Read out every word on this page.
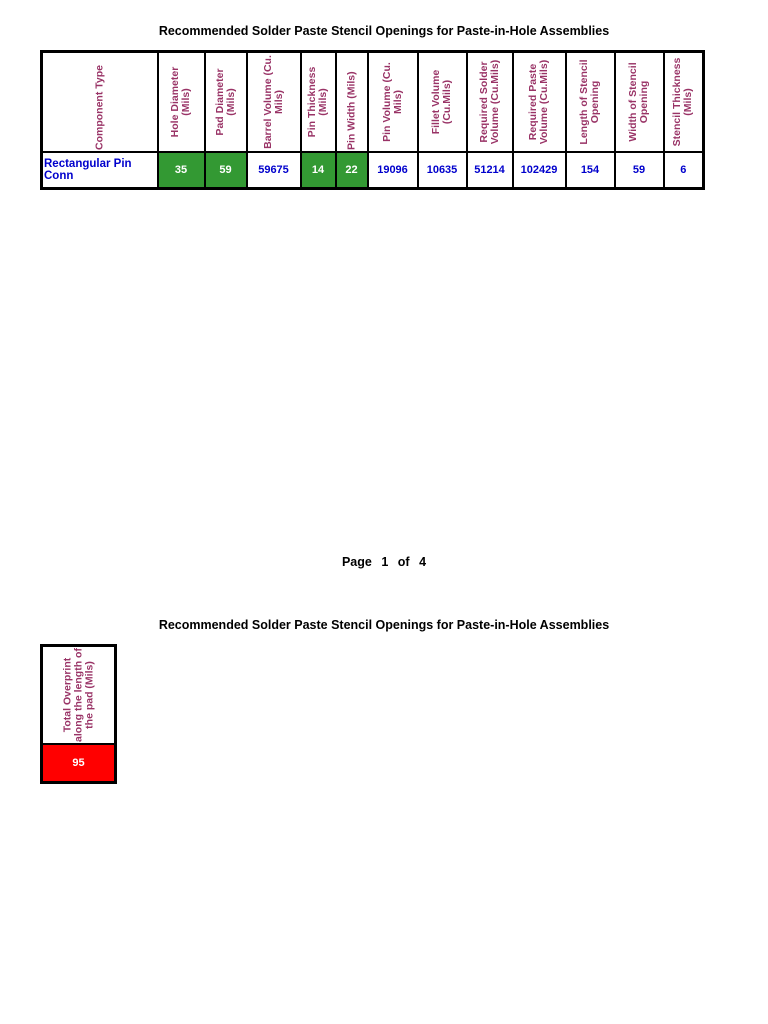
Recommended Solder Paste Stencil Openings for Paste-in-Hole Assemblies
Component Type	Hole Diameter (Mils)	Pad Diameter (Mils)	Barrel Volume (Cu. Mils)	Pin Thickness (Mils)	Pin Width (Mils)	Pin Volume (Cu. Mils)	Fillet Volume (Cu.Mils)	Required Solder Volume (Cu.Mils)	Required Paste Volume (Cu.Mils)	Length of Stencil Opening	Width of Stencil Opening	Stencil Thickness (Mils)

Rectangular Pin Conn	35	59	59675	14	22	19096	10635	51214	102429	154	59	6
Page 1 of 4
Recommended Solder Paste Stencil Openings for Paste-in-Hole Assemblies
Total Overprint along the length of the pad (Mils)

95
